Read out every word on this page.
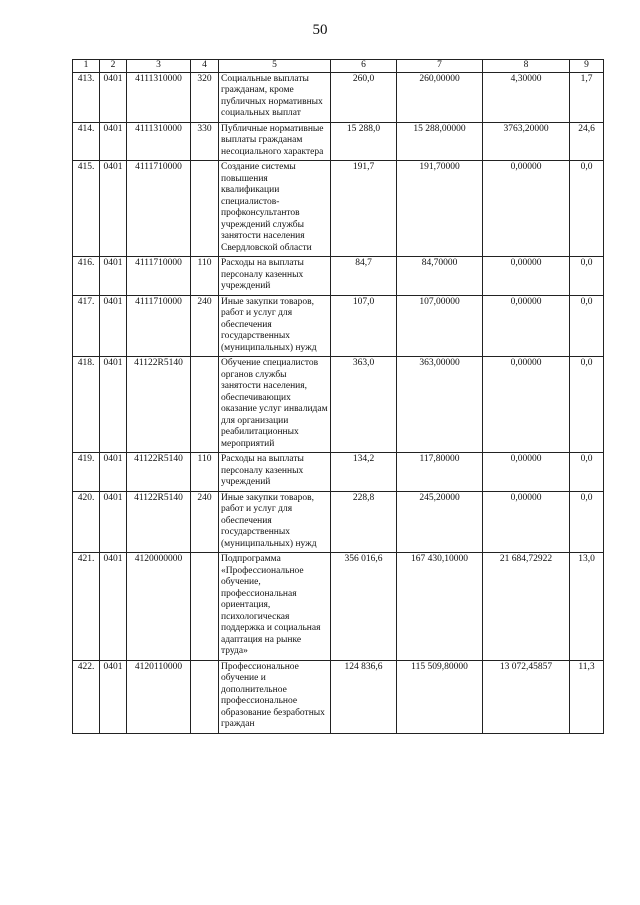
50
1	2	3	4	5	6	7	8	9
413.	0401	4111310000	320	Социальные выплаты гражданам, кроме публичных нормативных социальных выплат	260,0	260,00000	4,30000	1,7
414.	0401	4111310000	330	Публичные нормативные выплаты гражданам несоциального характера	15 288,0	15 288,00000	3763,20000	24,6
415.	0401	4111710000		Создание системы повышения квалификации специалистов-профконсультантов учреждений службы занятости населения Свердловской области	191,7	191,70000	0,00000	0,0
416.	0401	4111710000	110	Расходы на выплаты персоналу казенных учреждений	84,7	84,70000	0,00000	0,0
417.	0401	4111710000	240	Иные закупки товаров, работ и услуг для обеспечения государственных (муниципальных) нужд	107,0	107,00000	0,00000	0,0
418.	0401	41122R5140		Обучение специалистов органов службы занятости населения, обеспечивающих оказание услуг инвалидам для организации реабилитационных мероприятий	363,0	363,00000	0,00000	0,0
419.	0401	41122R5140	110	Расходы на выплаты персоналу казенных учреждений	134,2	117,80000	0,00000	0,0
420.	0401	41122R5140	240	Иные закупки товаров, работ и услуг для обеспечения государственных (муниципальных) нужд	228,8	245,20000	0,00000	0,0
421.	0401	4120000000		Подпрограмма «Профессиональное обучение, профессиональная ориентация, психологическая поддержка и социальная адаптация на рынке труда»	356 016,6	167 430,10000	21 684,72922	13,0
422.	0401	4120110000		Профессиональное обучение и дополнительное профессиональное образование безработных граждан	124 836,6	115 509,80000	13 072,45857	11,3
